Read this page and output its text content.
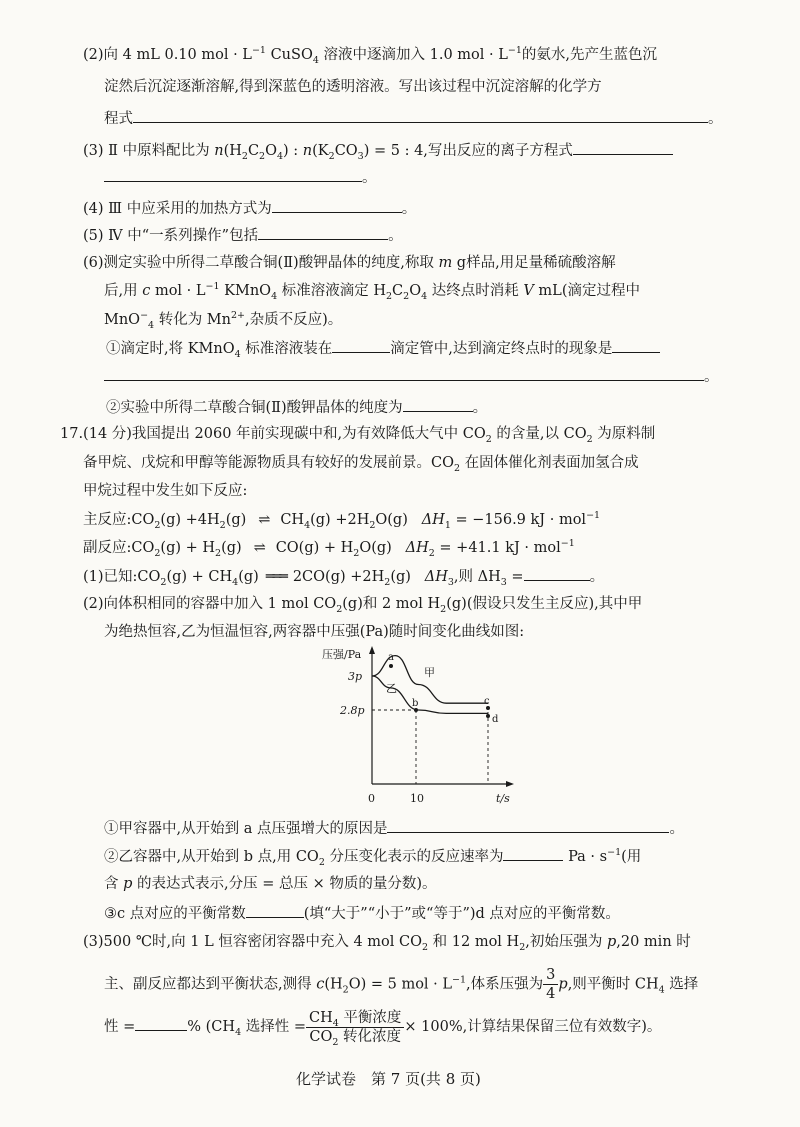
(2)向 4 mL 0.10 mol · $L^{-1}$ CuSO$_4$ 溶液中逐滴加入 1.0 mol · $L^{-1}$的氨水,先产生蓝色沉
淀然后沉淀逐渐溶解,得到深蓝色的透明溶液。写出该过程中沉淀溶解的化学方
程式	。
(3) Ⅱ 中原料配比为 $n(H_2C_2O_4)$ : $n(K_2CO_3) = 5$ : 4,写出反应的离子方程式
。
(4) Ⅲ 中应采用的加热方式为	。
(5) Ⅳ 中“一系列操作”包括	。
(6)测定实验中所得二草酸合铜(Ⅱ)酸钾晶体的纯度,称取 m g样品,用足量稀硫酸溶解
后,用 c mol · $L^{-1}$ KMnO$_4$ 标准溶液滴定 $H_2C_2O_4$ 达终点时消耗 V mL(滴定过程中
MnO−$_4$ 转化为 $Mn^{2+}$,杂质不反应)。
①滴定时,将 KMnO$_4$ 标准溶液装在	滴定管中,达到滴定终点时的现象是
。
②实验中所得二草酸合铜(Ⅱ)酸钾晶体的纯度为	。
17.(14 分)我国提出 2060 年前实现碳中和,为有效降低大气中 $CO_2$ 的含量,以 $CO_2$ 为原料制
备甲烷、戊烷和甲醇等能源物质具有较好的发展前景。$CO_2$ 在固体催化剂表面加氢合成
甲烷过程中发生如下反应:
主反应$:CO_2(g) +4H_2(g)$ ⇌ $CH_4(g) +2H_2O(g) \Delta H_1 = -156.9$ kJ · mol$^{-1}$
副反应$:CO_2(g) + H_2(g)$ ⇌ $CO(g) + H_2O(g) \Delta H_2 = +41.1$ kJ · mol$^{-1}$
(1)已知$:CO_2(g) + CH_4(g)$ ═══ $2CO(g) +2H_2(g)$ $\Delta H_3$,则 $\Delta H_3$ =	。
(2)向体积相同的容器中加入 1 mol $CO_2(g)$和 2 mol $H_2(g)$(假设只发生主反应),其中甲
为绝热恒容,乙为恒温恒容,两容器中压强(Pa)随时间变化曲线如图:
压强/Pa
t/s
0	10
3p
2.8p
甲
乙
a
b	c
d
①甲容器中,从开始到 a 点压强增大的原因是	。
②乙容器中,从开始到 b 点,用 $CO_2$ 分压变化表示的反应速率为	$Pa \cdot s^{-1}$(用
含 p 的表达式表示,分压 = 总压 × 物质的量分数)。
③c 点对应的平衡常数	(填“大于”“小于”或“等于”)d 点对应的平衡常数。
(3)500 ℃时,向 1 L 恒容密闭容器中充入 4 mol $CO_2$ 和 12 mol $H_2$,初始压强为 p,20 min 时
主、副反应都达到平衡状态,测得 $c(H_2O) = 5$ mol · $L^{-1}$,体系压强为 $\frac{3}{4} p$,则平衡时 $CH_4$ 选择
性 =	% ($CH_4$ 选择性 = $\frac{CH_4 平衡浓度}{CO_2 转化浓度} \times 100\%$,计算结果保留三位有效数字)。
化学试卷　第 7 页(共 8 页)
